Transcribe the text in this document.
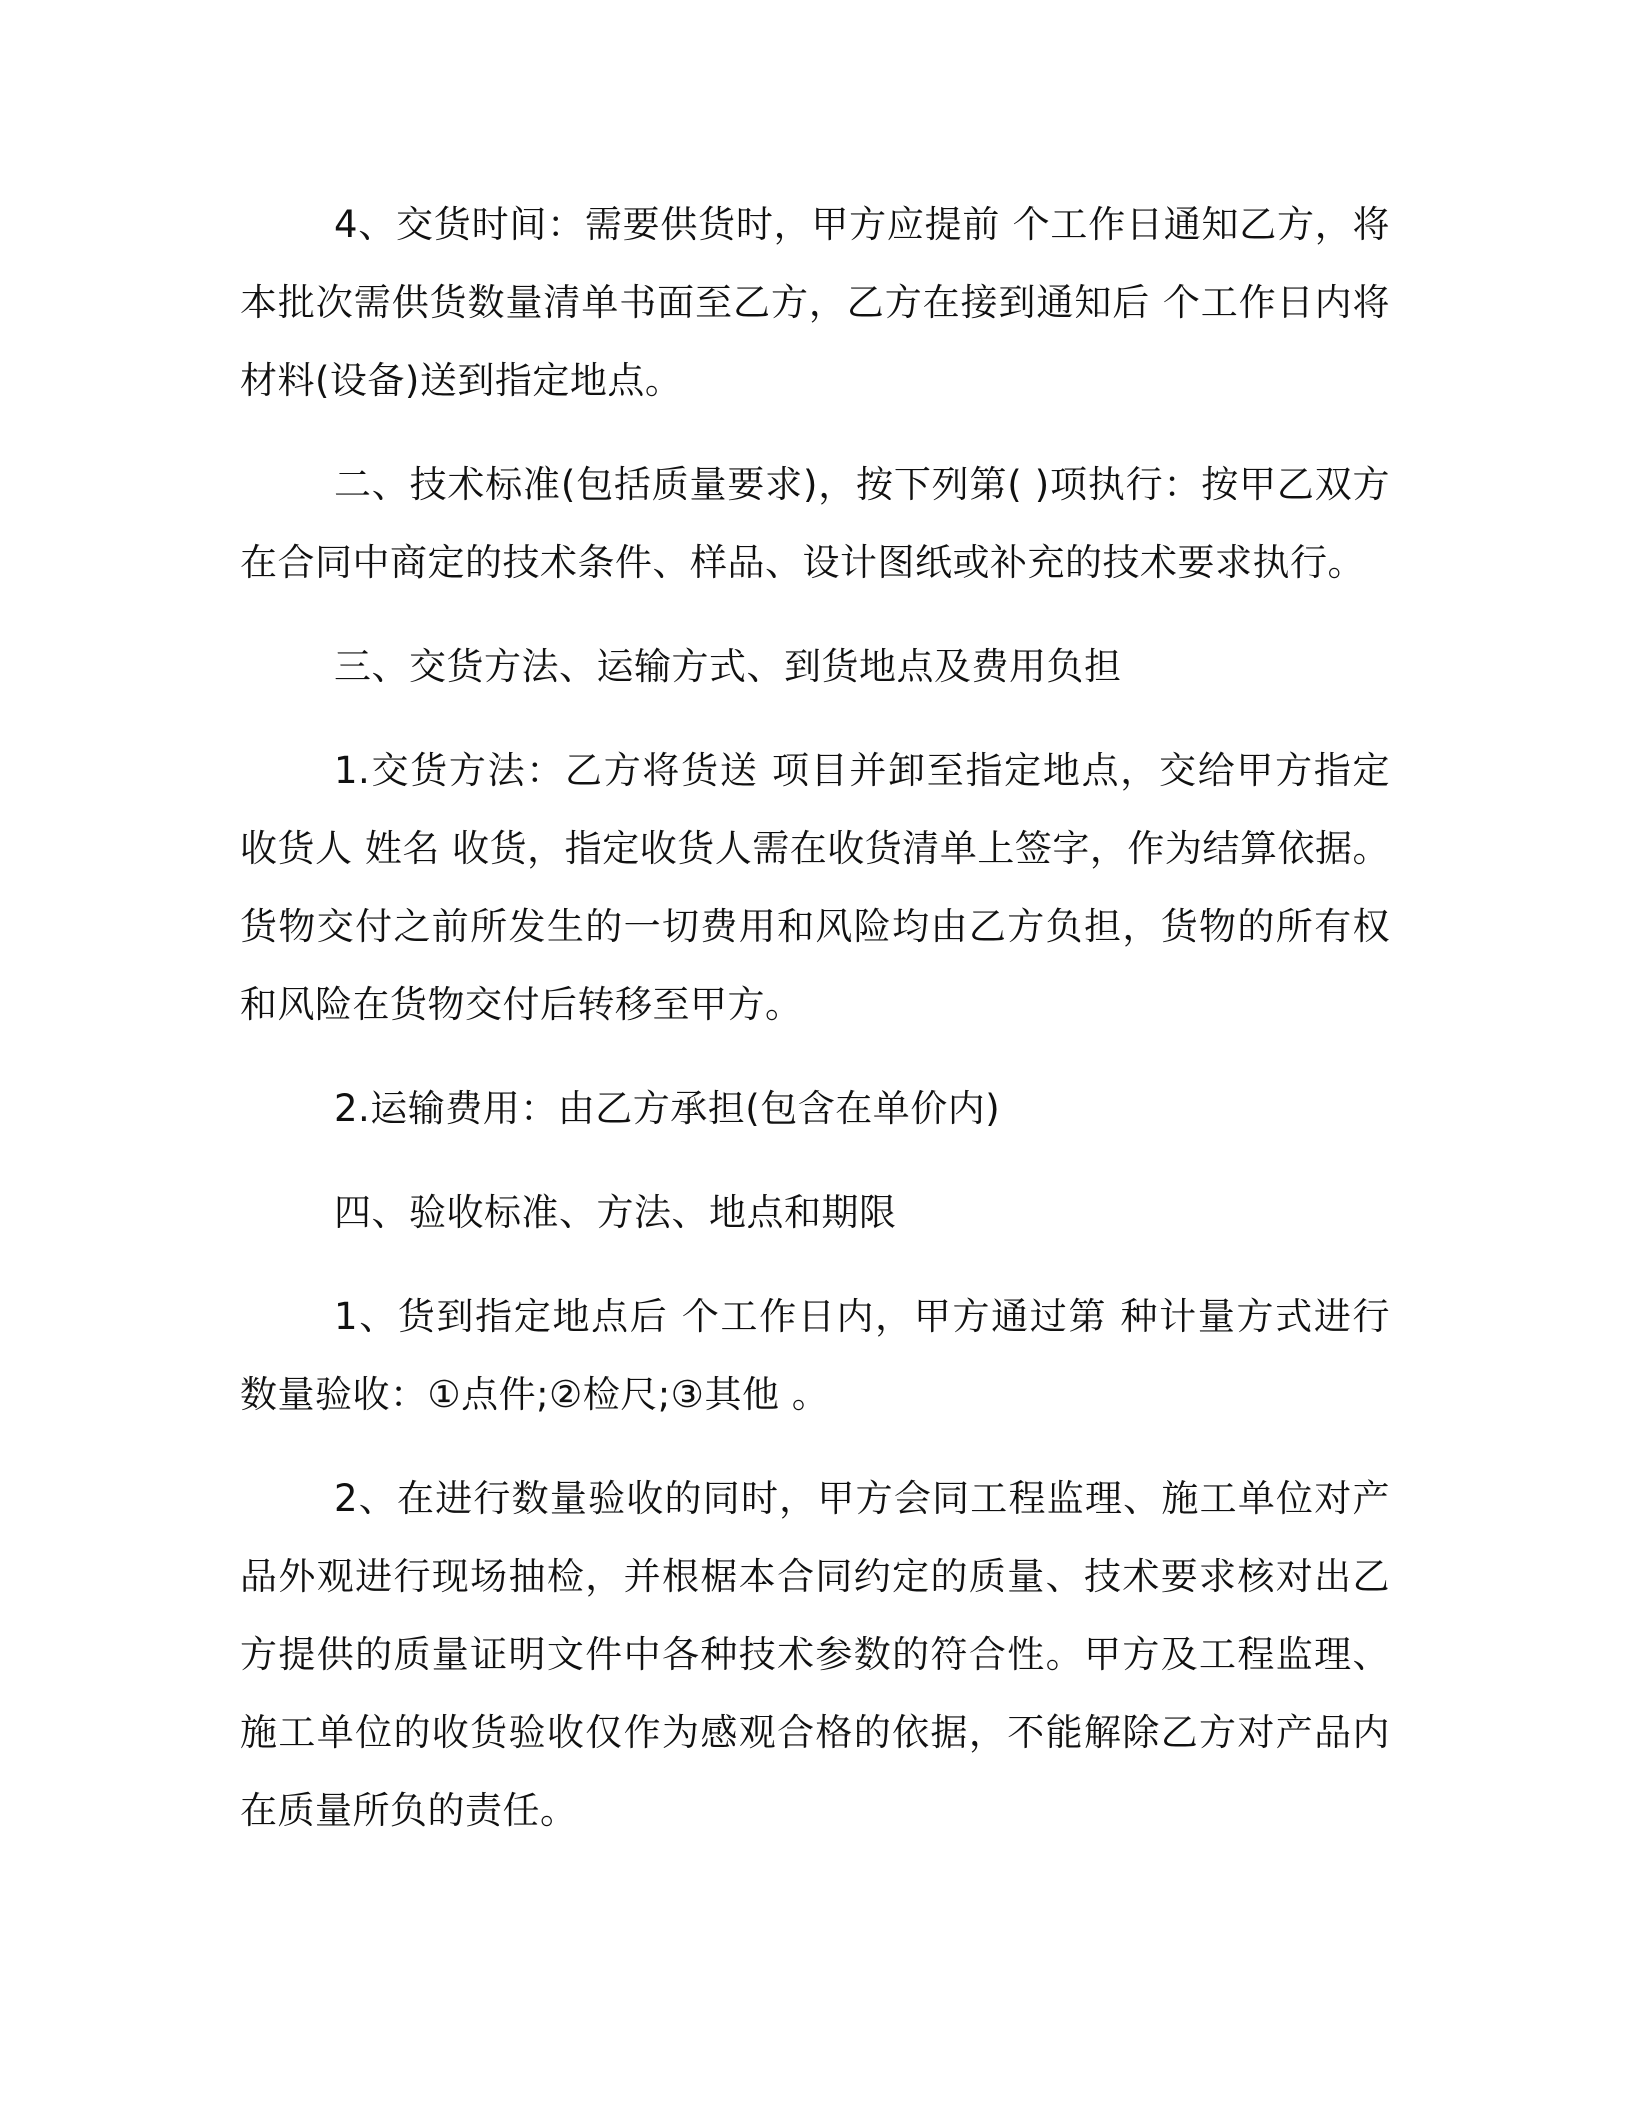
4、交货时间：需要供货时，甲方应提前 个工作日通知乙方，将本批次需供货数量清单书面至乙方，乙方在接到通知后 个工作日内将材料(设备)送到指定地点。

二、技术标准(包括质量要求)，按下列第( )项执行：按甲乙双方在合同中商定的技术条件、样品、设计图纸或补充的技术要求执行。

三、交货方法、运输方式、到货地点及费用负担

1.交货方法：乙方将货送 项目并卸至指定地点，交给甲方指定收货人 姓名 收货，指定收货人需在收货清单上签字，作为结算依据。货物交付之前所发生的一切费用和风险均由乙方负担，货物的所有权和风险在货物交付后转移至甲方。

2.运输费用：由乙方承担(包含在单价内)

四、验收标准、方法、地点和期限

1、货到指定地点后 个工作日内，甲方通过第 种计量方式进行数量验收：①点件;②检尺;③其他 。

2、在进行数量验收的同时，甲方会同工程监理、施工单位对产品外观进行现场抽检，并根椐本合同约定的质量、技术要求核对出乙方提供的质量证明文件中各种技术参数的符合性。甲方及工程监理、施工单位的收货验收仅作为感观合格的依据，不能解除乙方对产品内在质量所负的责任。
